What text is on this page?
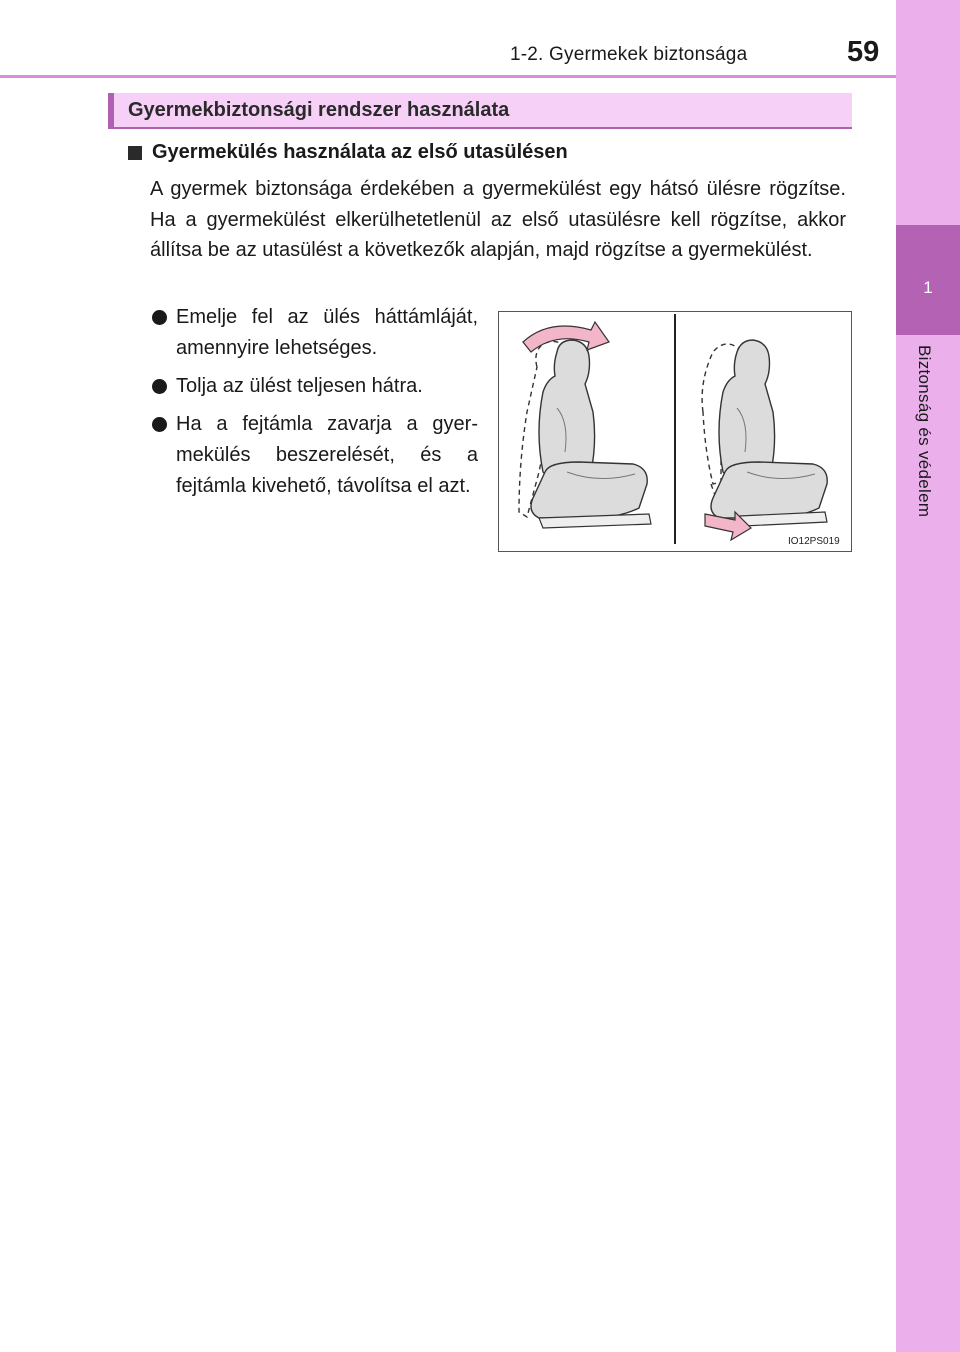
1-2. Gyermekek biztonsága	59
1
Biztonság és védelem
Gyermekbiztonsági rendszer használata
Gyermekülés használata az első utasülésen

A gyermek biztonsága érdekében a gyermekülést egy hátsó ülésre rögzítse. Ha a gyermekülést elkerülhetetlenül az első utasülésre kell rögzítse, akkor állítsa be az utasülést a következők alapján, majd rögzítse a gyermekülést.

Emelje fel az ülés háttámláját, amennyire lehetséges.
Tolja az ülést teljesen hátra.
Ha a fejtámla zavarja a gyermekülés beszerelését, és a fejtámla kivehető, távolítsa el azt.
IO12PS019
